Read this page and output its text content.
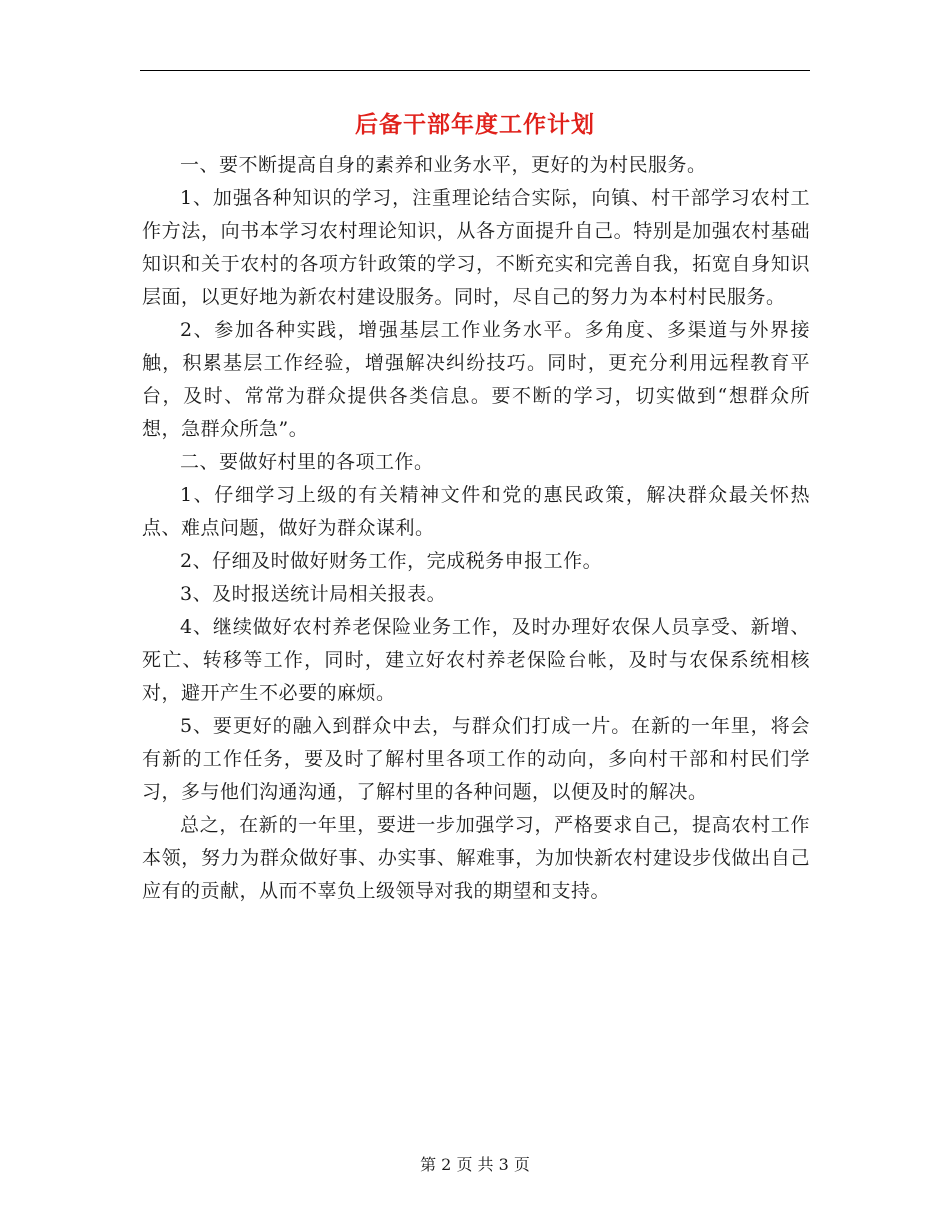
后备干部年度工作计划

一、要不断提高自身的素养和业务水平，更好的为村民服务。

1、加强各种知识的学习，注重理论结合实际，向镇、村干部学习农村工作方法，向书本学习农村理论知识，从各方面提升自己。特别是加强农村基础知识和关于农村的各项方针政策的学习，不断充实和完善自我，拓宽自身知识层面，以更好地为新农村建设服务。同时，尽自己的努力为本村村民服务。

2、参加各种实践，增强基层工作业务水平。多角度、多渠道与外界接触，积累基层工作经验，增强解决纠纷技巧。同时，更充分利用远程教育平台，及时、常常为群众提供各类信息。要不断的学习，切实做到“想群众所想，急群众所急”。

二、要做好村里的各项工作。

1、仔细学习上级的有关精神文件和党的惠民政策，解决群众最关怀热点、难点问题，做好为群众谋利。

2、仔细及时做好财务工作，完成税务申报工作。

3、及时报送统计局相关报表。

4、继续做好农村养老保险业务工作，及时办理好农保人员享受、新增、死亡、转移等工作，同时，建立好农村养老保险台帐，及时与农保系统相核对，避开产生不必要的麻烦。

5、要更好的融入到群众中去，与群众们打成一片。在新的一年里，将会有新的工作任务，要及时了解村里各项工作的动向，多向村干部和村民们学习，多与他们沟通沟通，了解村里的各种问题，以便及时的解决。

总之，在新的一年里，要进一步加强学习，严格要求自己，提高农村工作本领，努力为群众做好事、办实事、解难事，为加快新农村建设步伐做出自己应有的贡献，从而不辜负上级领导对我的期望和支持。

第 2 页 共 3 页
